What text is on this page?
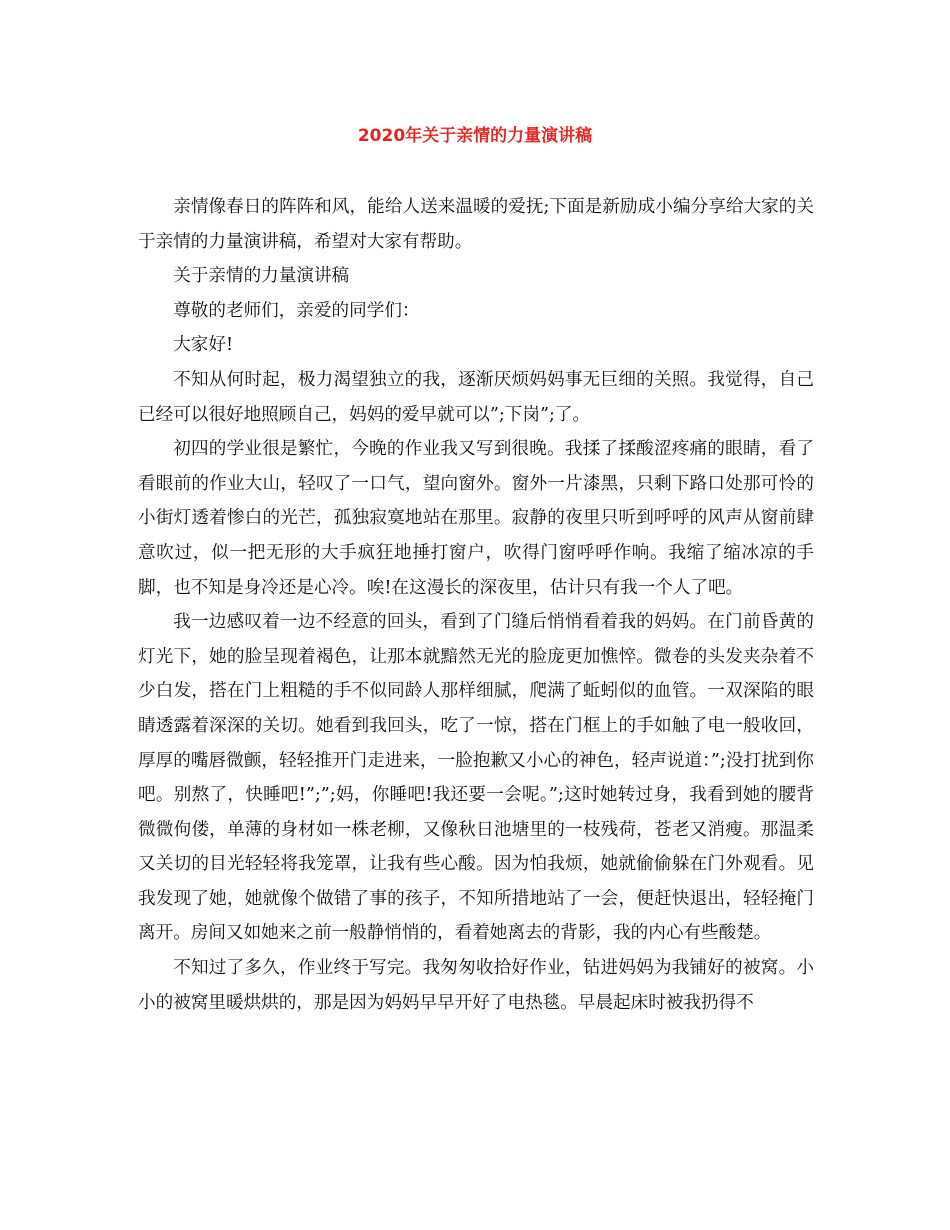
2020年关于亲情的力量演讲稿

亲情像春日的阵阵和风，能给人送来温暖的爱抚;下面是新励成小编分享给大家的关于亲情的力量演讲稿，希望对大家有帮助。

关于亲情的力量演讲稿

尊敬的老师们，亲爱的同学们：

大家好!

不知从何时起，极力渴望独立的我，逐渐厌烦妈妈事无巨细的关照。我觉得，自己已经可以很好地照顾自己，妈妈的爱早就可以”;下岗”;了。

初四的学业很是繁忙，今晚的作业我又写到很晚。我揉了揉酸涩疼痛的眼睛，看了看眼前的作业大山，轻叹了一口气，望向窗外。窗外一片漆黑，只剩下路口处那可怜的小街灯透着惨白的光芒，孤独寂寞地站在那里。寂静的夜里只听到呼呼的风声从窗前肆意吹过，似一把无形的大手疯狂地捶打窗户，吹得门窗呼呼作响。我缩了缩冰凉的手脚，也不知是身冷还是心冷。唉!在这漫长的深夜里，估计只有我一个人了吧。

我一边感叹着一边不经意的回头，看到了门缝后悄悄看着我的妈妈。在门前昏黄的灯光下，她的脸呈现着褐色，让那本就黯然无光的脸庞更加憔悴。微卷的头发夹杂着不少白发，搭在门上粗糙的手不似同龄人那样细腻，爬满了蚯蚓似的血管。一双深陷的眼睛透露着深深的关切。她看到我回头，吃了一惊，搭在门框上的手如触了电一般收回，厚厚的嘴唇微颤，轻轻推开门走进来，一脸抱歉又小心的神色，轻声说道：”;没打扰到你吧。别熬了，快睡吧!”;”;妈，你睡吧!我还要一会呢。”;这时她转过身，我看到她的腰背微微佝偻，单薄的身材如一株老柳，又像秋日池塘里的一枝残荷，苍老又消瘦。那温柔又关切的目光轻轻将我笼罩，让我有些心酸。因为怕我烦，她就偷偷躲在门外观看。见我发现了她，她就像个做错了事的孩子，不知所措地站了一会，便赶快退出，轻轻掩门离开。房间又如她来之前一般静悄悄的，看着她离去的背影，我的内心有些酸楚。

不知过了多久，作业终于写完。我匆匆收拾好作业，钻进妈妈为我铺好的被窝。小小的被窝里暖烘烘的，那是因为妈妈早早开好了电热毯。早晨起床时被我扔得不
